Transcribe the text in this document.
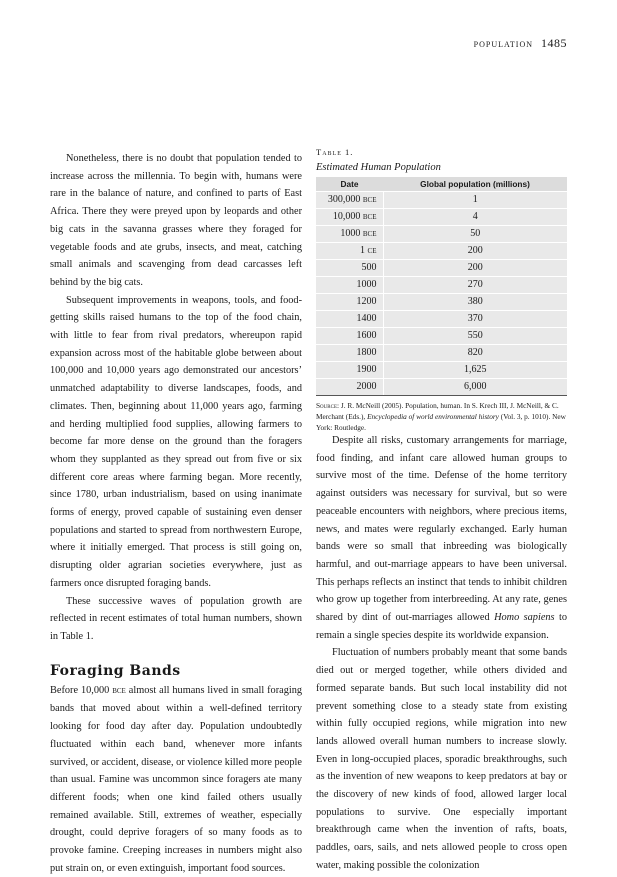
population 1485

Nonetheless, there is no doubt that population tended to increase across the millennia. To begin with, humans were rare in the balance of nature, and confined to parts of East Africa. There they were preyed upon by leopards and other big cats in the savanna grasses where they foraged for vegetable foods and ate grubs, insects, and meat, catching small animals and scavenging from dead carcasses left behind by the big cats.

Subsequent improvements in weapons, tools, and food-getting skills raised humans to the top of the food chain, with little to fear from rival predators, whereupon rapid expansion across most of the habitable globe between about 100,000 and 10,000 years ago demonstrated our ancestors’ unmatched adaptability to diverse landscapes, foods, and climates. Then, beginning about 11,000 years ago, farming and herding multiplied food supplies, allowing farmers to become far more dense on the ground than the foragers whom they supplanted as they spread out from five or six different core areas where farming began. More recently, since 1780, urban industrialism, based on using inanimate forms of energy, proved capable of sustaining even denser populations and started to spread from northwestern Europe, where it initially emerged. That process is still going on, disrupting older agrarian societies everywhere, just as farmers once disrupted foraging bands.

These successive waves of population growth are reflected in recent estimates of total human numbers, shown in Table 1.

Foraging Bands

Before 10,000 bce almost all humans lived in small foraging bands that moved about within a well-defined territory looking for food day after day. Population undoubtedly fluctuated within each band, whenever more infants survived, or accident, disease, or violence killed more people than usual. Famine was uncommon since foragers ate many different foods; when one kind failed others usually remained available. Still, extremes of weather, especially drought, could deprive foragers of so many foods as to provoke famine. Creeping increases in numbers might also put strain on, or even extinguish, important food sources.

Table 1.
Estimated Human Population
Date	Global population (millions)
300,000 bce	1
10,000 bce	4
1000 bce	50
1 ce	200
500	200
1000	270
1200	380
1400	370
1600	550
1800	820
1900	1,625
2000	6,000

Source: J. R. McNeill (2005). Population, human. In S. Krech III, J. McNeill, & C. Merchant (Eds.), Encyclopedia of world environmental history (Vol. 3, p. 1010). New York: Routledge.

Despite all risks, customary arrangements for marriage, food finding, and infant care allowed human groups to survive most of the time. Defense of the home territory against outsiders was necessary for survival, but so were peaceable encounters with neighbors, where precious items, news, and mates were regularly exchanged. Early human bands were so small that inbreeding was biologically harmful, and out-marriage appears to have been universal. This perhaps reflects an instinct that tends to inhibit children who grow up together from interbreeding. At any rate, genes shared by dint of out-marriages allowed Homo sapiens to remain a single species despite its worldwide expansion.

Fluctuation of numbers probably meant that some bands died out or merged together, while others divided and formed separate bands. But such local instability did not prevent something close to a steady state from existing within fully occupied regions, while migration into new lands allowed overall human numbers to increase slowly. Even in long-occupied places, sporadic breakthroughs, such as the invention of new weapons to keep predators at bay or the discovery of new kinds of food, allowed larger local populations to survive. One especially important breakthrough came when the invention of rafts, boats, paddles, oars, sails, and nets allowed people to cross open water, making possible the colonization
